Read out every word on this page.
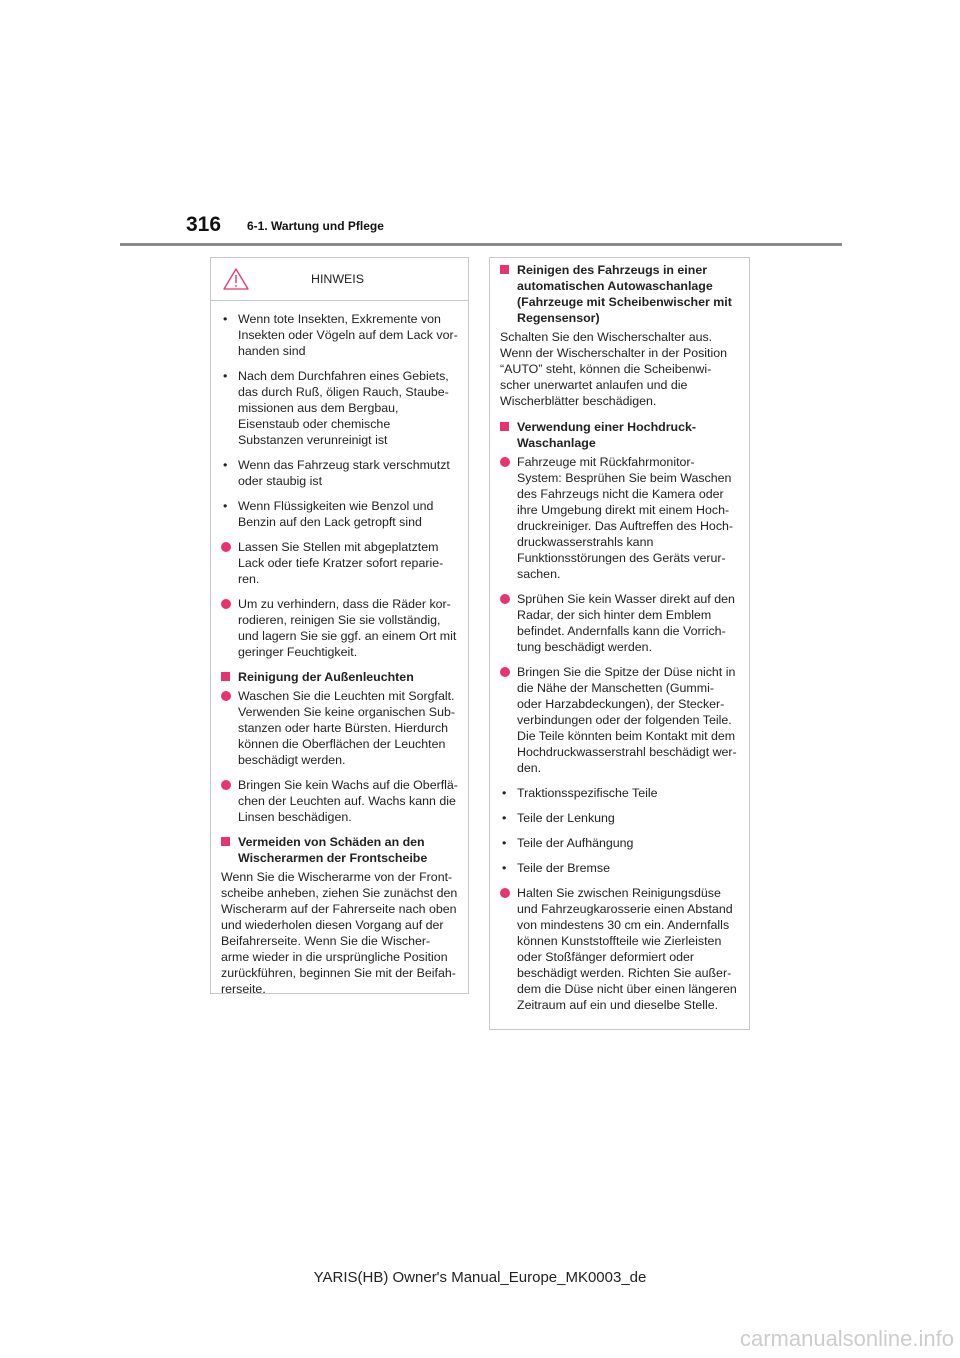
316 6-1. Wartung und Pflege
HINWEIS
• Wenn tote Insekten, Exkremente von Insekten oder Vögeln auf dem Lack vor-handen sind
• Nach dem Durchfahren eines Gebiets, das durch Ruß, öligen Rauch, Staube-missionen aus dem Bergbau, Eisenstaub oder chemische Substanzen verunreinigt ist
• Wenn das Fahrzeug stark verschmutzt oder staubig ist
• Wenn Flüssigkeiten wie Benzol und Benzin auf den Lack getropft sind
Lassen Sie Stellen mit abgeplatztem Lack oder tiefe Kratzer sofort reparie-ren.
Um zu verhindern, dass die Räder kor-rodieren, reinigen Sie sie vollständig, und lagern Sie sie ggf. an einem Ort mit geringer Feuchtigkeit.
Reinigung der Außenleuchten
Waschen Sie die Leuchten mit Sorgfalt. Verwenden Sie keine organischen Sub-stanzen oder harte Bürsten. Hierdurch können die Oberflächen der Leuchten beschädigt werden.
Bringen Sie kein Wachs auf die Oberflä-chen der Leuchten auf. Wachs kann die Linsen beschädigen.
Vermeiden von Schäden an den Wischerarmen der Frontscheibe
Wenn Sie die Wischerarme von der Front-scheibe anheben, ziehen Sie zunächst den Wischerarm auf der Fahrerseite nach oben und wiederholen diesen Vorgang auf der Beifahrerseite. Wenn Sie die Wischer-arme wieder in die ursprüngliche Position zurückführen, beginnen Sie mit der Beifah-rerseite.
Reinigen des Fahrzeugs in einer automatischen Autowaschanlage (Fahrzeuge mit Scheibenwischer mit Regensensor)
Schalten Sie den Wischerschalter aus. Wenn der Wischerschalter in der Position “AUTO” steht, können die Scheibenwi-scher unerwartet anlaufen und die Wischerblätter beschädigen.
Verwendung einer Hochdruck-Waschanlage
Fahrzeuge mit Rückfahrmonitor-System: Besprühen Sie beim Waschen des Fahrzeugs nicht die Kamera oder ihre Umgebung direkt mit einem Hoch-druckreiniger. Das Auftreffen des Hoch-druckwasserstrahls kann Funktionsstörungen des Geräts verur-sachen.
Sprühen Sie kein Wasser direkt auf den Radar, der sich hinter dem Emblem befindet. Andernfalls kann die Vorrich-tung beschädigt werden.
Bringen Sie die Spitze der Düse nicht in die Nähe der Manschetten (Gummi- oder Harzabdeckungen), der Stecker-verbindungen oder der folgenden Teile. Die Teile könnten beim Kontakt mit dem Hochdruckwasserstrahl beschädigt wer-den.
• Traktionsspezifische Teile
• Teile der Lenkung
• Teile der Aufhängung
• Teile der Bremse
Halten Sie zwischen Reinigungsdüse und Fahrzeugkarosserie einen Abstand von mindestens 30 cm ein. Andernfalls können Kunststoffteile wie Zierleisten oder Stoßfänger deformiert oder beschädigt werden. Richten Sie außer-dem die Düse nicht über einen längeren Zeitraum auf ein und dieselbe Stelle.
YARIS(HB) Owner's Manual_Europe_MK0003_de
carmanualsonline.info
